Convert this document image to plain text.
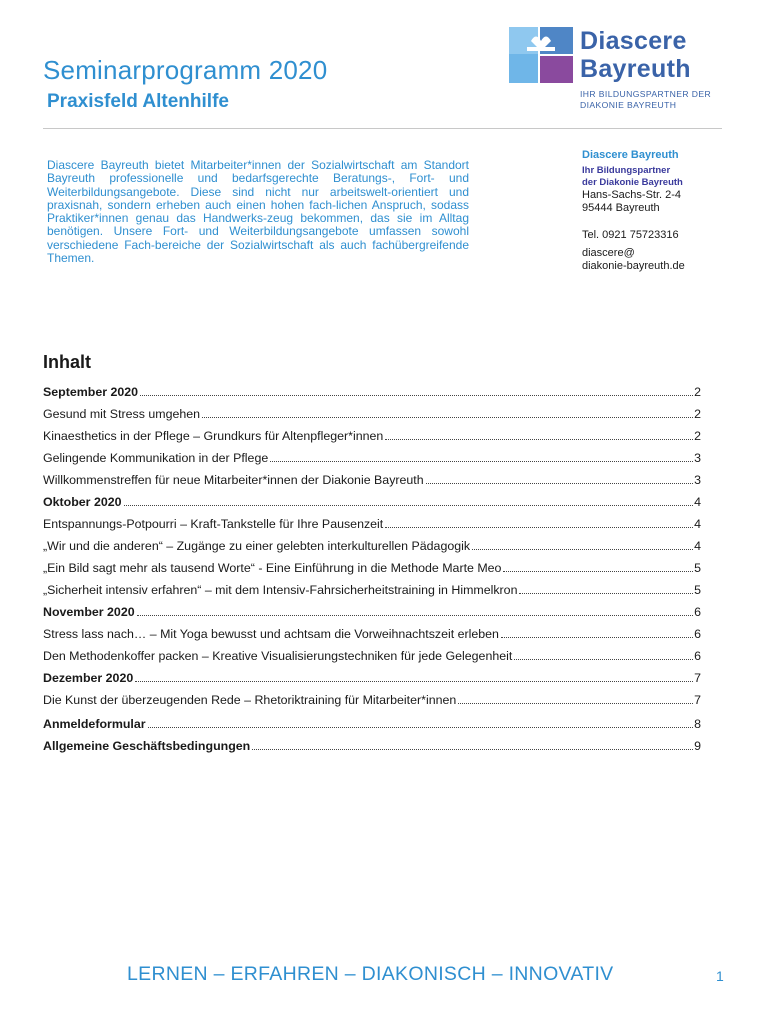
Seminarprogramm 2020
Praxisfeld Altenhilfe
Diascere
Bayreuth
IHR BILDUNGSPARTNER DER
DIAKONIE BAYREUTH

Diascere Bayreuth bietet Mitarbeiter*innen der Sozialwirtschaft am Standort Bayreuth professionelle und bedarfsgerechte Beratungs-, Fort- und Weiterbildungsangebote. Diese sind nicht nur arbeitswelt-orientiert und praxisnah, sondern erheben auch einen hohen fach-lichen Anspruch, sodass Praktiker*innen genau das Handwerks-zeug bekommen, das sie im Alltag benötigen. Unsere Fort- und Weiterbildungsangebote umfassen sowohl verschiedene Fach-bereiche der Sozialwirtschaft als auch fachübergreifende Themen.

Diascere Bayreuth
Ihr Bildungspartner
der Diakonie Bayreuth
Hans-Sachs-Str. 2-4
95444 Bayreuth
Tel. 0921 75723316
diascere@
diakonie-bayreuth.de
Inhalt
September 2020	2
Gesund mit Stress umgehen	2
Kinaesthetics in der Pflege – Grundkurs für Altenpfleger*innen	2
Gelingende Kommunikation in der Pflege	3
Willkommenstreffen für neue Mitarbeiter*innen der Diakonie Bayreuth	3
Oktober 2020	4
Entspannungs-Potpourri – Kraft-Tankstelle für Ihre Pausenzeit	4
„Wir und die anderen“ – Zugänge zu einer gelebten interkulturellen Pädagogik	4
„Ein Bild sagt mehr als tausend Worte“ - Eine Einführung in die Methode Marte Meo	5
„Sicherheit intensiv erfahren“ – mit dem Intensiv-Fahrsicherheitstraining in Himmelkron	5
November 2020	6
Stress lass nach… – Mit Yoga bewusst und achtsam die Vorweihnachtszeit erleben	6
Den Methodenkoffer packen – Kreative Visualisierungstechniken für jede Gelegenheit	6
Dezember 2020	7
Die Kunst der überzeugenden Rede – Rhetoriktraining für Mitarbeiter*innen	7
Anmeldeformular	8
Allgemeine Geschäftsbedingungen	9
LERNEN – ERFAHREN – DIAKONISCH – INNOVATIV	1
